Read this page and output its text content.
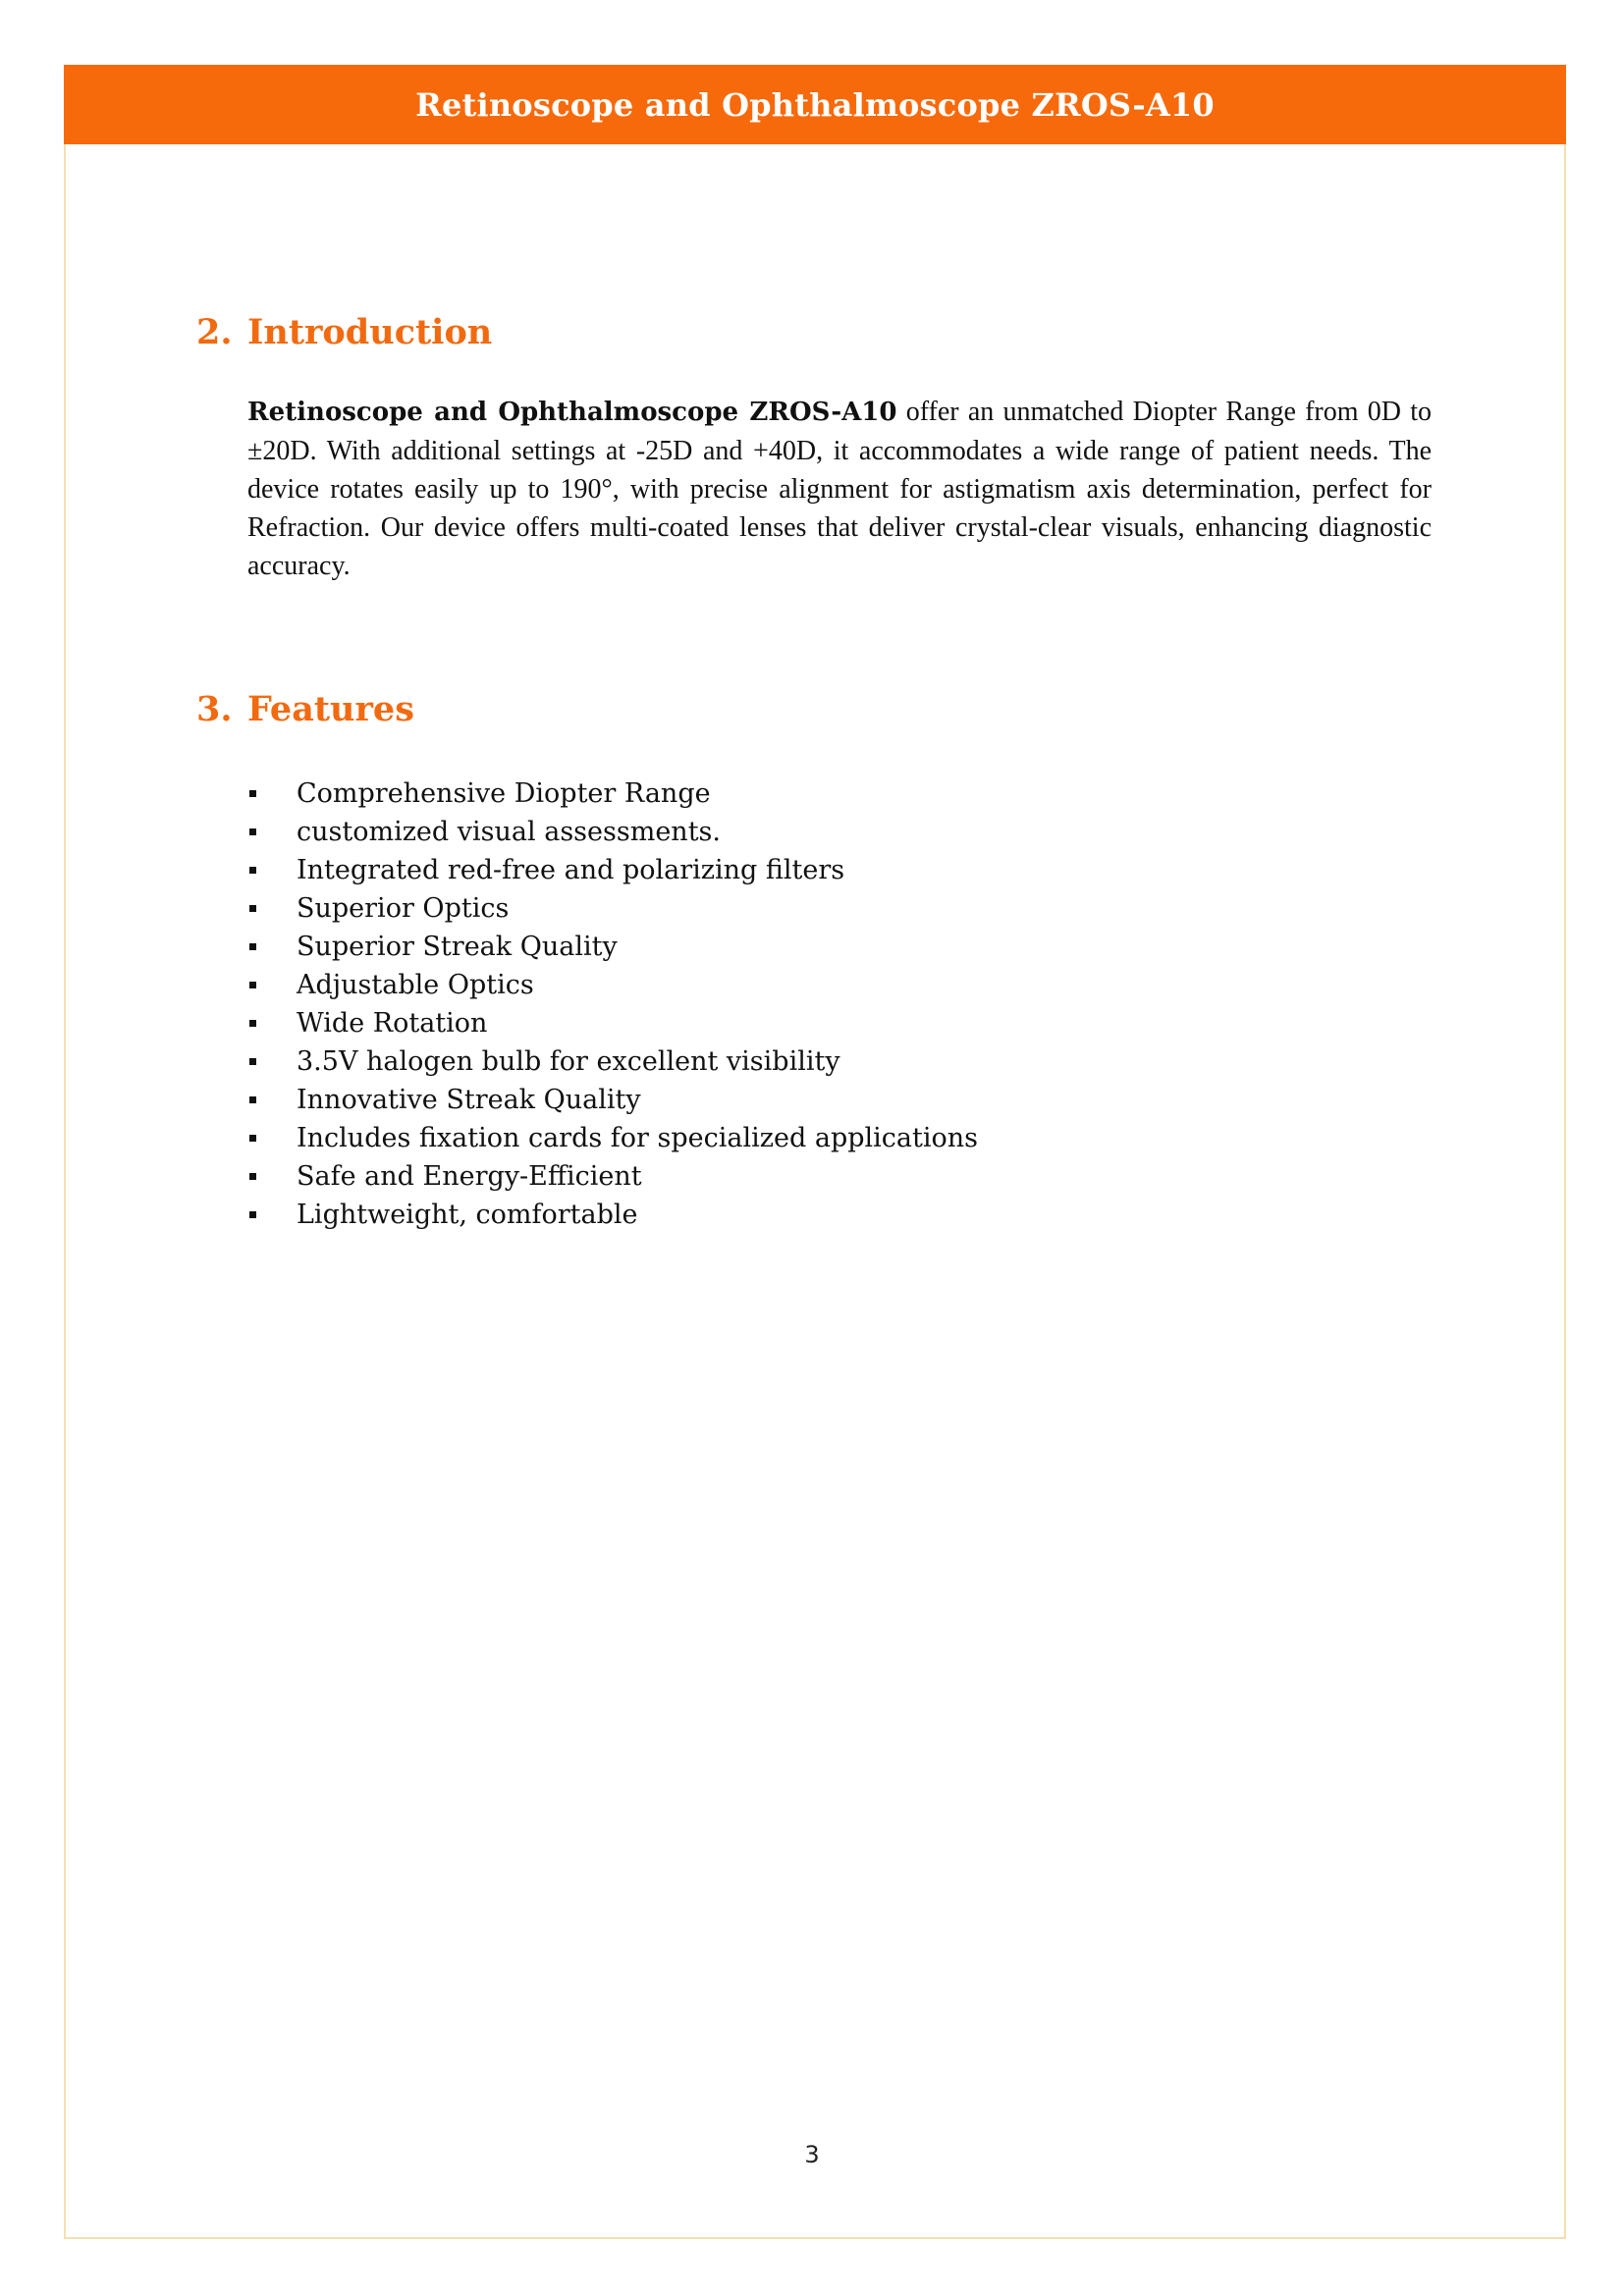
Retinoscope and Ophthalmoscope ZROS-A10
2. Introduction

Retinoscope and Ophthalmoscope ZROS-A10 offer an unmatched Diopter Range from 0D to ±20D. With additional settings at -25D and +40D, it accommodates a wide range of patient needs. The device rotates easily up to 190°, with precise alignment for astigmatism axis determination, perfect for Refraction. Our device offers multi-coated lenses that deliver crystal-clear visuals, enhancing diagnostic accuracy.

3. Features
Comprehensive Diopter Range
customized visual assessments.
Integrated red-free and polarizing filters
Superior Optics
Superior Streak Quality
Adjustable Optics
Wide Rotation
3.5V halogen bulb for excellent visibility
Innovative Streak Quality
Includes fixation cards for specialized applications
Safe and Energy-Efficient
Lightweight, comfortable
3
